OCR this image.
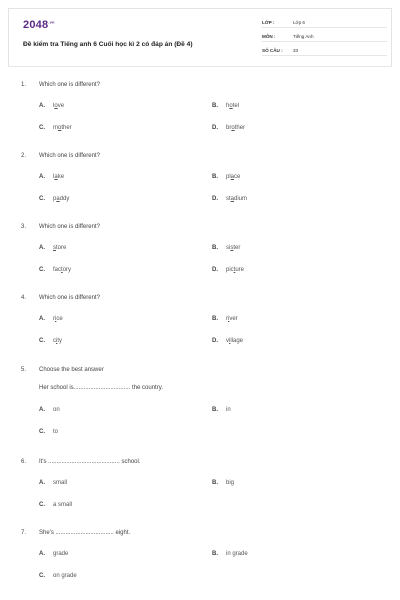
$2048^{.vn}$
Đề kiểm tra Tiếng anh 6 Cuối học kì 2 có đáp án (Đề 4)
LỚP :	Lớp 6
MÔN :	Tiếng Anh
SỐ CÂU : 33
1. Which one is different?
A. love	B. hotel
C. mother	D. brother
2. Which one is different?
A. lake	B. place
C. paddy	D. stadium
3. Which one is different?
A. store	B. sister
C. factory	D. picture
4. Which one is different?
A. rice	B. river
C. city	D. village
5. Choose the best answer
Her school is.................................. the country.
A. on	B. in
C. to
6. It's ........................................... school.
A. small	B. big
C. a small
7. She's ................................... eight.
A. grade	B. in grade
C. on grade
